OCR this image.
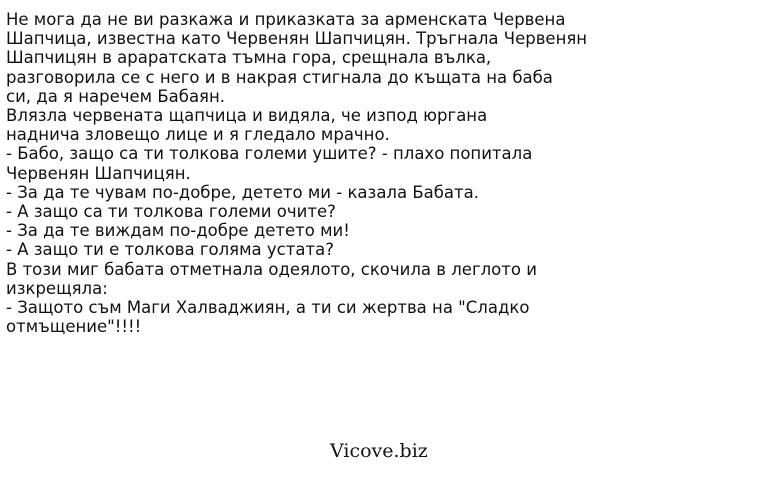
Не мога да не ви разкажа и приказката за арменската Червена
Шапчица, известна като Червенян Шапчицян. Тръгнала Червенян
Шапчицян в араратската тъмна гора, срещнала вълка,
разговорила се с него и в накрая стигнала до къщата на баба
си, да я наречем Бабаян.
Влязла червената щапчица и видяла, че изпод юргана
надничa зловещо лице и я гледало мрачно.
- Бабо, защо са ти толкова големи ушите? - плахо попитала
Червенян Шапчицян.
- За да те чувам по-добре, детето ми - казала Бабата.
- А защо са ти толкова големи очите?
- За да те виждам по-добре детето ми!
- А защо ти е толкова голяма устата?
В този миг бабата отметнала одеялото, скочила в леглото и
изкрещяла:
- Защото съм Маги Халваджиян, а ти си жертва на "Сладко
отмъщение"!!!!
Vicove.biz
